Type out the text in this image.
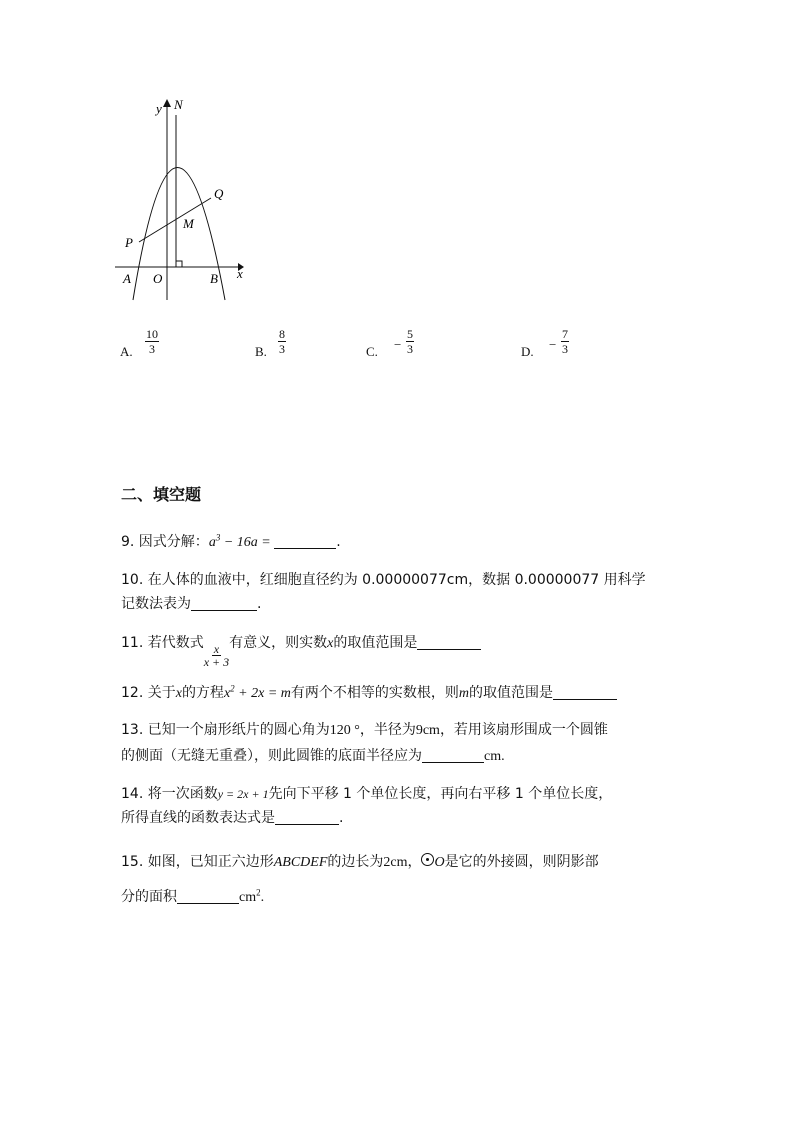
y N
Q
M
P
A O	B x
A. $\frac{10}{3}$	B. $\frac{8}{3}$	C. − $\frac{5}{3}$	D. − $\frac{7}{3}$
二、填空题
9. 因式分解：$a^3 - 16a$ =	.
10. 在人体的血液中，红细胞直径约为 0.00000077cm，数据 0.00000077 用科学
记数法表为	.
11. 若代数式 $\frac{x}{x + 3}$ 有意义，则实数x的取值范围是
12. 关于x的方程$x^2 + 2x = m$有两个不相等的实数根，则m的取值范围是
13. 已知一个扇形纸片的圆心角为120 °，半径为9cm，若用该扇形围成一个圆锥
的侧面（无缝无重叠），则此圆锥的底面半径应为	cm.
14. 将一次函数y = 2x + 1先向下平移 1 个单位长度，再向右平移 1 个单位长度，
所得直线的函数表达式是	.
15. 如图，已知正六边形ABCDEF的边长为2cm， O是它的外接圆，则阴影部
分的面积	$cm^2$.
